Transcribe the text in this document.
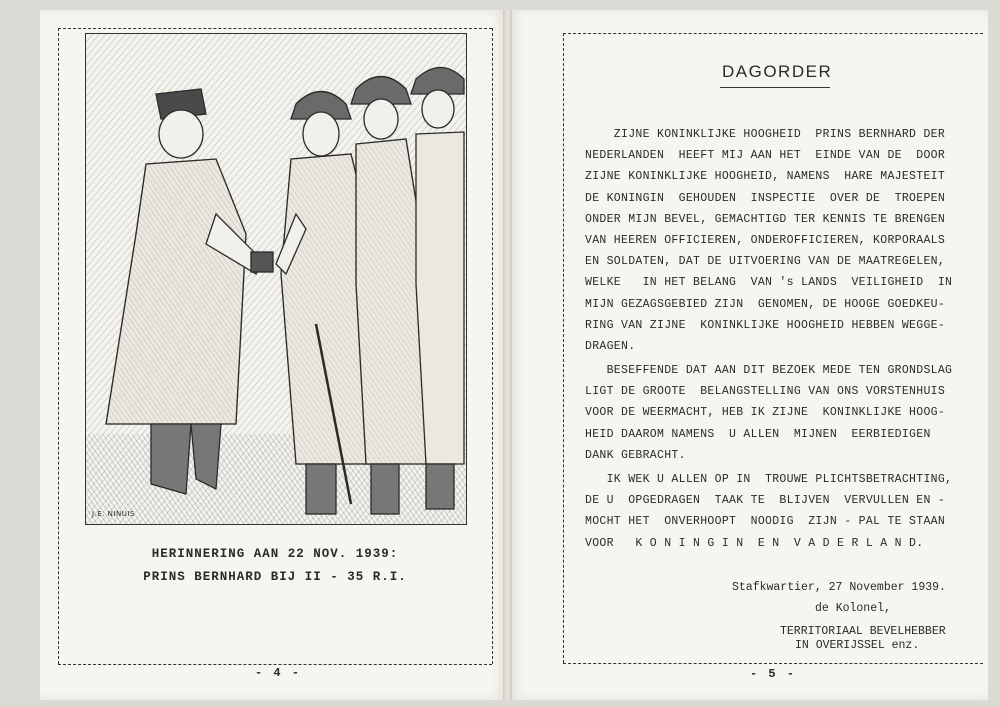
J.E. NINUIS
HERINNERING AAN 22 NOV. 1939:
PRINS BERNHARD BIJ II - 35 R.I.
- 4 -
DAGORDER
ZIJNE KONINKLIJKE HOOGHEID  PRINS BERNHARD DER
NEDERLANDEN  HEEFT MIJ AAN HET  EINDE VAN DE  DOOR
ZIJNE KONINKLIJKE HOOGHEID, NAMENS  HARE MAJESTEIT
DE KONINGIN  GEHOUDEN  INSPECTIE  OVER DE  TROEPEN
ONDER MIJN BEVEL, GEMACHTIGD TER KENNIS TE BRENGEN
VAN HEEREN OFFICIEREN, ONDEROFFICIEREN, KORPORAALS
EN SOLDATEN, DAT DE UITVOERING VAN DE MAATREGELEN,
WELKE   IN HET BELANG  VAN 's LANDS  VEILIGHEID  IN
MIJN GEZAGSGEBIED ZIJN  GENOMEN, DE HOOGE GOEDKEU-
RING VAN ZIJNE  KONINKLIJKE HOOGHEID HEBBEN WEGGE-
DRAGEN.
BESEFFENDE DAT AAN DIT BEZOEK MEDE TEN GRONDSLAG
LIGT DE GROOTE  BELANGSTELLING VAN ONS VORSTENHUIS
VOOR DE WEERMACHT, HEB IK ZIJNE  KONINKLIJKE HOOG-
HEID DAAROM NAMENS  U ALLEN  MIJNEN  EERBIEDIGEN
DANK GEBRACHT.
IK WEK U ALLEN OP IN  TROUWE PLICHTSBETRACHTING,
DE U  OPGEDRAGEN  TAAK TE  BLIJVEN  VERVULLEN EN -
MOCHT HET  ONVERHOOPT  NOODIG  ZIJN - PAL TE STAAN
VOOR   K O N I N G I N  E N  V A D E R L A N D.
Stafkwartier, 27 November 1939.
de Kolonel,
TERRITORIAAL BEVELHEBBER
IN OVERIJSSEL enz.
- 5 -
